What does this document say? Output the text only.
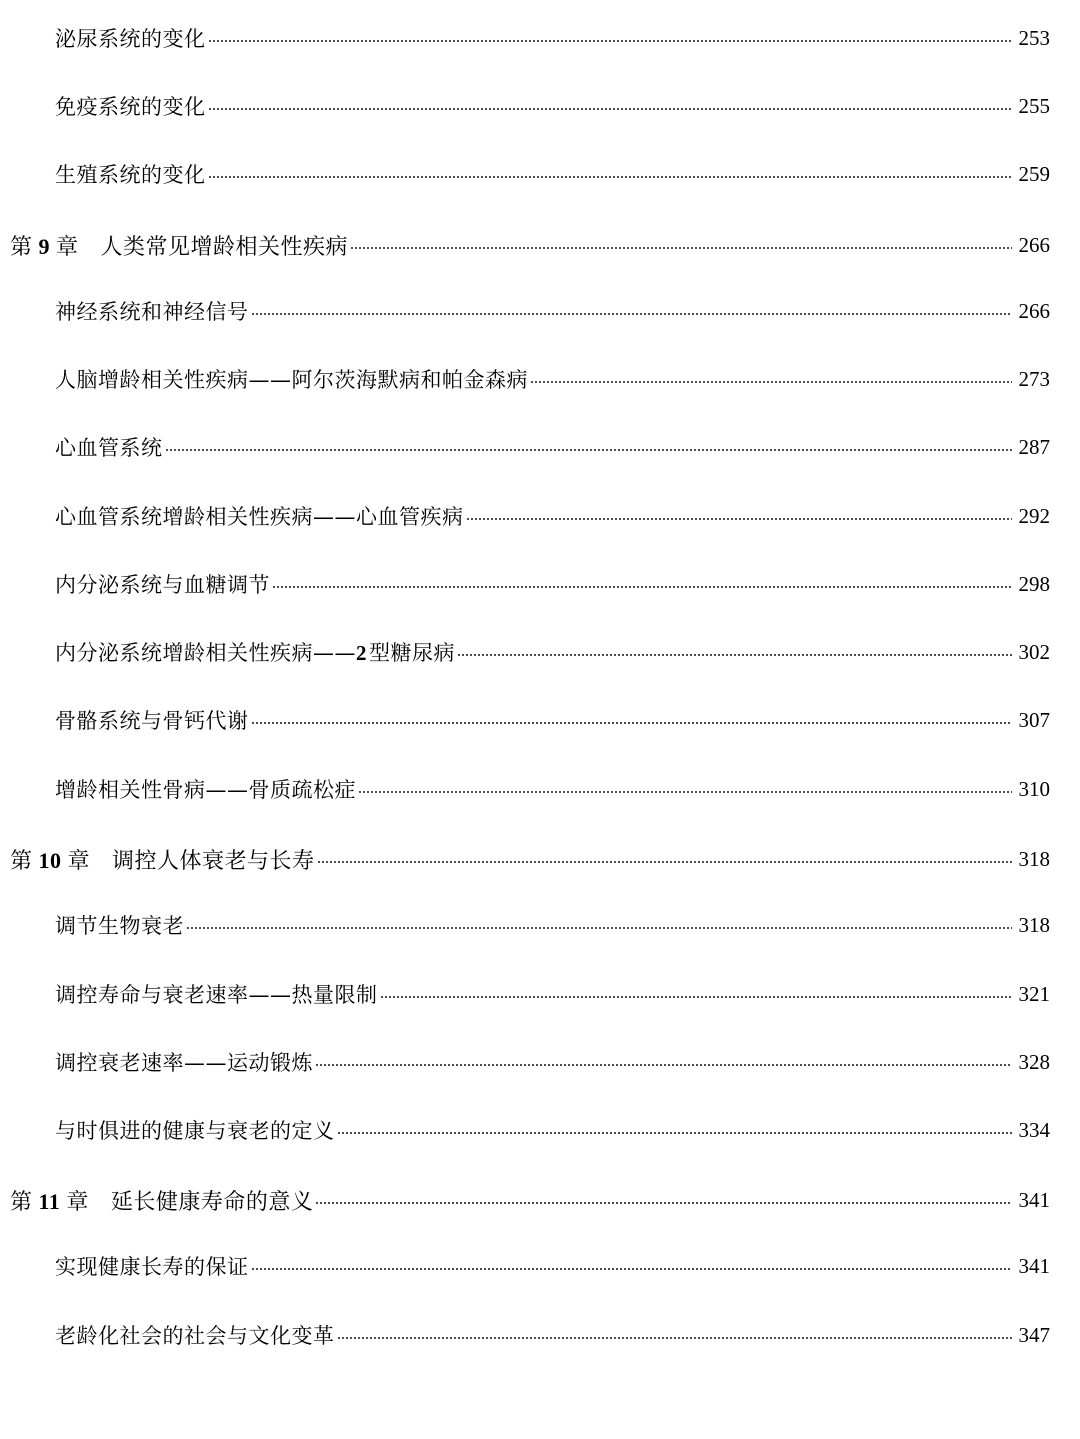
泌尿系统的变化	253
免疫系统的变化	255
生殖系统的变化	259
第 9 章 人类常见增龄相关性疾病	266
神经系统和神经信号	266
人脑增龄相关性疾病——阿尔茨海默病和帕金森病	273
心血管系统	287
心血管系统增龄相关性疾病——心血管疾病	292
内分泌系统与血糖调节	298
内分泌系统增龄相关性疾病—— 2 型糖尿病	302
骨骼系统与骨钙代谢	307
增龄相关性骨病——骨质疏松症	310
第 10 章 调控人体衰老与长寿	318
调节生物衰老	318
调控寿命与衰老速率——热量限制	321
调控衰老速率——运动锻炼	328
与时俱进的健康与衰老的定义	334
第 11 章 延长健康寿命的意义	341
实现健康长寿的保证	341
老龄化社会的社会与文化变革	347
